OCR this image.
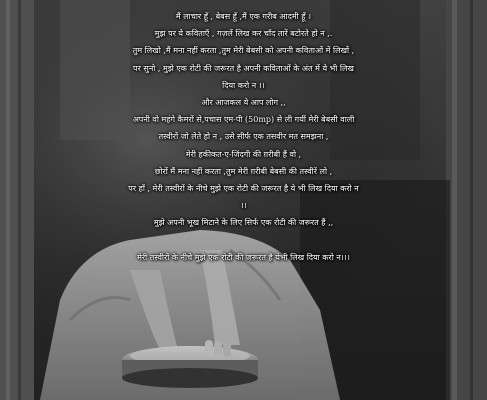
मैं लाचार हूँ , बेबस हूँ ,मैं एक गरीब आदमी हूँ ।
मुझ पर ये कविताएँ , गज़लें लिख कर चाँद तारें बटोरते हो न ,.
तुम लिखो ,मैं मना नहीं करता ,तुम मेरी बेबसी को अपनी कविताओं में लिखों ,
पर सुनो , मुझे एक रोटी की जरूरत है अपनी कविताओं के अंत में ये भी लिख
दिया करो न ।।
और आजकल ये आप लोग ,,
अपनी वो महंगे कैमरों से,पचास एम-पी (50mp) से ली गयीं मेरी बेबसी वाली
तस्वीरों जो लेते हो न , उसे सीर्फ एक तसवीर मत समझना ,
मेरी हकीकत-ए-जिंदगी की ग़रीबी हैं वो ,
छोरों मैं मना नहीं करता ,तुम मेरी ग़रीबी बेबसी की तस्वीरें लो ,
पर हाँ , मेरी तस्वीरों के नीचे मुझे एक रोटी की जरूरत है ये भी लिख दिया करो न
।।
मुझे अपनी भूख मिटाने के लिए सिर्फ एक रोटी की जरूरत हैं ,,
मेरी तस्वीरों के नीचे मुझे एक रोटी की जरूरत है येभी लिख दिया करो न।।।
